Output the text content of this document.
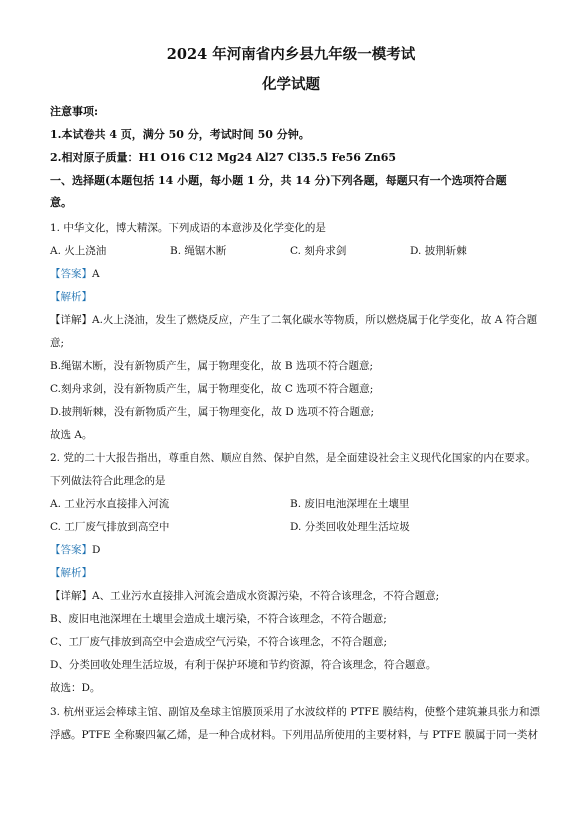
2024 年河南省内乡县九年级一模考试
化学试题
注意事项:
1.本试卷共 4 页，满分 50 分，考试时间 50 分钟。
2.相对原子质量：H1 O16 C12 Mg24 Al27 Cl35.5 Fe56 Zn65
一、选择题(本题包括 14 小题，每小题 1 分，共 14 分)下列各题，每题只有一个选项符合题
意。
1. 中华文化，博大精深。下列成语的本意涉及化学变化的是
A. 火上浇油	B. 绳锯木断	C. 刻舟求剑	D. 披荆斩棘
【答案】A
【解析】
【详解】A.火上浇油，发生了燃烧反应，产生了二氧化碳水等物质，所以燃烧属于化学变化，故 A 符合题
意;
B.绳锯木断，没有新物质产生，属于物理变化，故 B 选项不符合题意;
C.刻舟求剑，没有新物质产生，属于物理变化，故 C 选项不符合题意;
D.披荆斩棘，没有新物质产生，属于物理变化，故 D 选项不符合题意;
故选 A。
2. 党的二十大报告指出，尊重自然、顺应自然、保护自然，是全面建设社会主义现代化国家的内在要求。
下列做法符合此理念的是
A. 工业污水直接排入河流	B. 废旧电池深埋在土壤里
C. 工厂废气排放到高空中	D. 分类回收处理生活垃圾
【答案】D
【解析】
【详解】A、工业污水直接排入河流会造成水资源污染，不符合该理念，不符合题意;
B、废旧电池深埋在土壤里会造成土壤污染，不符合该理念，不符合题意;
C、工厂废气排放到高空中会造成空气污染，不符合该理念，不符合题意;
D、分类回收处理生活垃圾，有利于保护环境和节约资源，符合该理念，符合题意。
故选：D。
3. 杭州亚运会棒球主馆、副馆及垒球主馆膜顶采用了水波纹样的 PTFE 膜结构，使整个建筑兼具张力和漂
浮感。PTFE 全称聚四氟乙烯，是一种合成材料。下列用品所使用的主要材料，与 PTFE 膜属于同一类材
